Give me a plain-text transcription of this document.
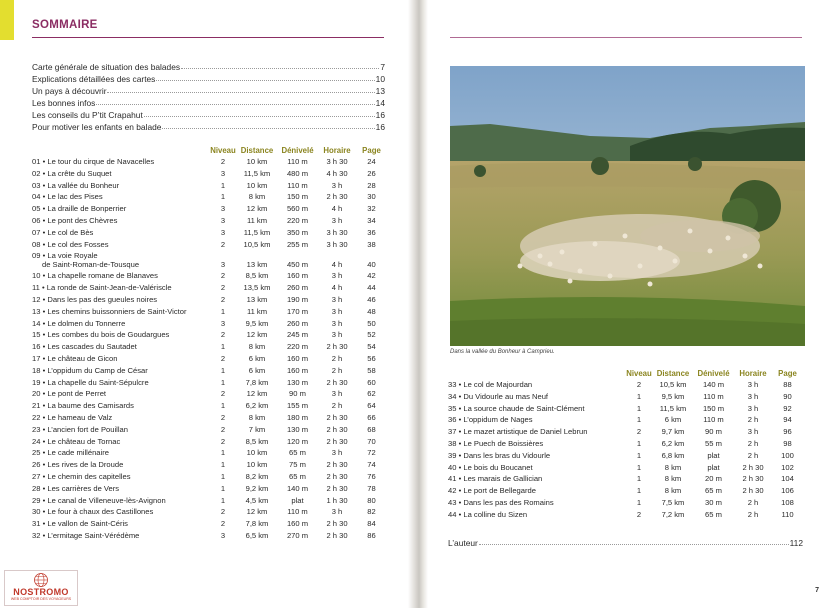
SOMMAIRE
Carte générale de situation des balades	7
Explications détaillées des cartes	10
Un pays à découvrir	13
Les bonnes infos	14
Les conseils du P’tit Crapahut	16
Pour motiver les enfants en balade	16
	Niveau	Distance	Dénivelé	Horaire	Page
01 • Le tour du cirque de Navacelles	2	10 km	110 m	3 h 30	24
02 • La crête du Suquet	3	11,5 km	480 m	4 h 30	26
03 • La vallée du Bonheur	1	10 km	110 m	3 h	28
04 • Le lac des Pises	1	8 km	150 m	2 h 30	30
05 • La draille de Bonperrier	3	12 km	560 m	4 h	32
06 • Le pont des Chèvres	3	11 km	220 m	3 h	34
07 • Le col de Bès	3	11,5 km	350 m	3 h 30	36
08 • Le col des Fosses	2	10,5 km	255 m	3 h 30	38
09 • La voie Royale
de Saint-Roman-de-Tousque	3	13 km	450 m	4 h	40
10 • La chapelle romane de Blanaves	2	8,5 km	160 m	3 h	42
11 • La ronde de Saint-Jean-de-Valériscle	2	13,5 km	260 m	4 h	44
12 • Dans les pas des gueules noires	2	13 km	190 m	3 h	46
13 • Les chemins buissonniers de Saint-Victor	1	11 km	170 m	3 h	48
14 • Le dolmen du Tonnerre	3	9,5 km	260 m	3 h	50
15 • Les combes du bois de Goudargues	2	12 km	245 m	3 h	52
16 • Les cascades du Sautadet	1	8 km	220 m	2 h 30	54
17 • Le château de Gicon	2	6 km	160 m	2 h	56
18 • L’oppidum du Camp de César	1	6 km	160 m	2 h	58
19 • La chapelle du Saint-Sépulcre	1	7,8 km	130 m	2 h 30	60
20 • Le pont de Perret	2	12 km	90 m	3 h	62
21 • La baume des Camisards	1	6,2 km	155 m	2 h	64
22 • Le hameau de Valz	2	8 km	180 m	2 h 30	66
23 • L’ancien fort de Pouillan	2	7 km	130 m	2 h 30	68
24 • Le château de Tornac	2	8,5 km	120 m	2 h 30	70
25 • Le cade millénaire	1	10 km	65 m	3 h	72
26 • Les rives de la Droude	1	10 km	75 m	2 h 30	74
27 • Le chemin des capitelles	1	8,2 km	65 m	2 h 30	76
28 • Les carrières de Vers	1	9,2 km	140 m	2 h 30	78
29 • Le canal de Villeneuve-lès-Avignon	1	4,5 km	plat	1 h 30	80
30 • Le four à chaux des Castillones	2	12 km	110 m	3 h	82
31 • Le vallon de Saint-Céris	2	7,8 km	160 m	2 h 30	84
32 • L’ermitage Saint-Vérédème	3	6,5 km	270 m	2 h 30	86
NOSTROMO
WEB COMPTOIR DES VOYAGEURS
Dans la vallée du Bonheur à Camprieu.
	Niveau	Distance	Dénivelé	Horaire	Page
33 • Le col de Majourdan	2	10,5 km	140 m	3 h	88
34 • Du Vidourle au mas Neuf	1	9,5 km	110 m	3 h	90
35 • La source chaude de Saint-Clément	1	11,5 km	150 m	3 h	92
36 • L’oppidum de Nages	1	6 km	110 m	2 h	94
37 • Le mazet artistique de Daniel Lebrun	2	9,7 km	90 m	3 h	96
38 • Le Puech de Boissières	1	6,2 km	55 m	2 h	98
39 • Dans les bras du Vidourle	1	6,8 km	plat	2 h	100
40 • Le bois du Boucanet	1	8 km	plat	2 h 30	102
41 • Les marais de Gallician	1	8 km	20 m	2 h 30	104
42 • Le port de Bellegarde	1	8 km	65 m	2 h 30	106
43 • Dans les pas des Romains	1	7,5 km	30 m	2 h	108
44 • La colline du Sizen	2	7,2 km	65 m	2 h	110
L’auteur	112
7
